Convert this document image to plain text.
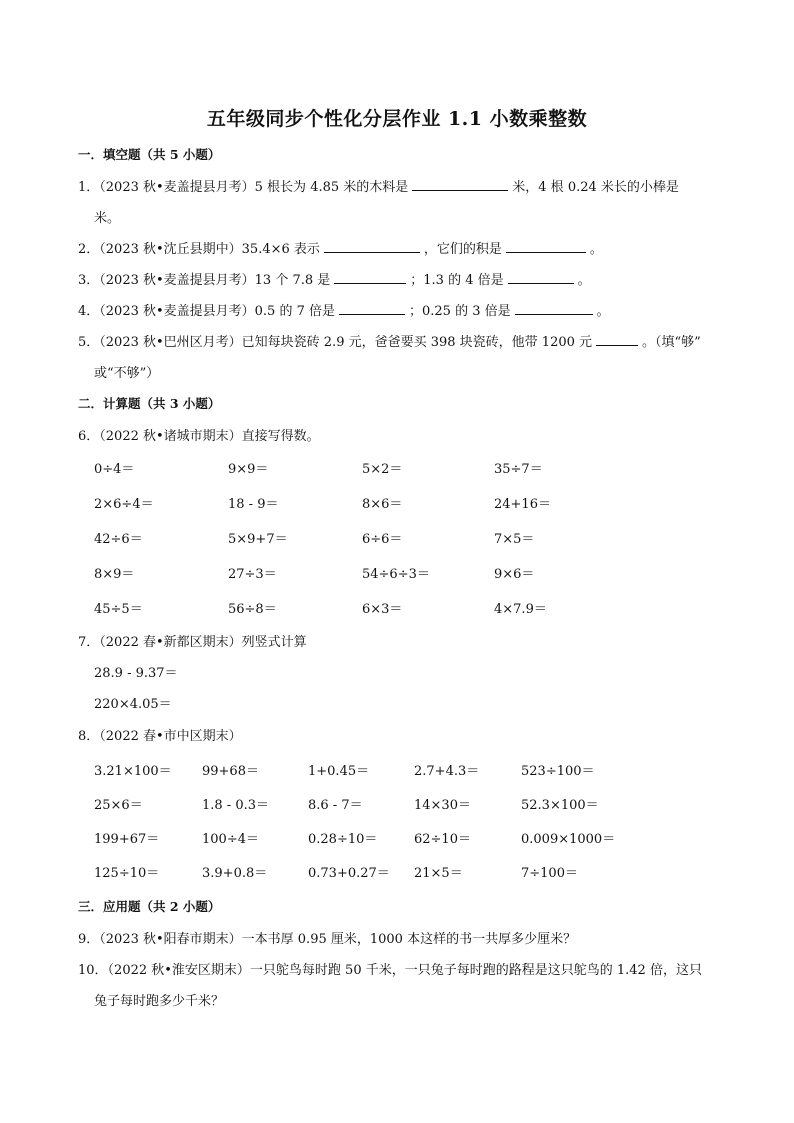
五年级同步个性化分层作业 1.1 小数乘整数
一．填空题（共 5 小题）
1．（2023 秋•麦盖提县月考）5 根长为 4.85 米的木料是	米，4 根 0.24 米长的小棒是
米。
2．（2023 秋•沈丘县期中）35.4×6 表示	，它们的积是	。
3．（2023 秋•麦盖提县月考）13 个 7.8 是	；1.3 的 4 倍是	。
4．（2023 秋•麦盖提县月考）0.5 的 7 倍是	；0.25 的 3 倍是	。
5．（2023 秋•巴州区月考）已知每块瓷砖 2.9 元，爸爸要买 398 块瓷砖，他带 1200 元	。（填“够”
或“不够”）
二．计算题（共 3 小题）
6．（2022 秋•诸城市期末）直接写得数。
0÷4＝	9×9＝	5×2＝	35÷7＝
2×6÷4＝	18 - 9＝	8×6＝	24+16＝
42÷6＝	5×9+7＝	6÷6＝	7×5＝
8×9＝	27÷3＝	54÷6÷3＝	9×6＝
45÷5＝	56÷8＝	6×3＝	4×7.9＝
7．（2022 春•新都区期末）列竖式计算
28.9 - 9.37＝
220×4.05＝
8．（2022 春•市中区期末）
3.21×100＝ 99+68＝	1+0.45＝	2.7+4.3＝	523÷100＝
25×6＝	1.8 - 0.3＝	8.6 - 7＝	14×30＝	52.3×100＝
199+67＝	100÷4＝	0.28÷10＝	62÷10＝	0.009×1000＝
125÷10＝	3.9+0.8＝	0.73+0.27＝ 21×5＝	7÷100＝
三．应用题（共 2 小题）
9．（2023 秋•阳春市期末）一本书厚 0.95 厘米，1000 本这样的书一共厚多少厘米？
10．（2022 秋•淮安区期末）一只鸵鸟每时跑 50 千米，一只兔子每时跑的路程是这只鸵鸟的 1.42 倍，这只
兔子每时跑多少千米？
